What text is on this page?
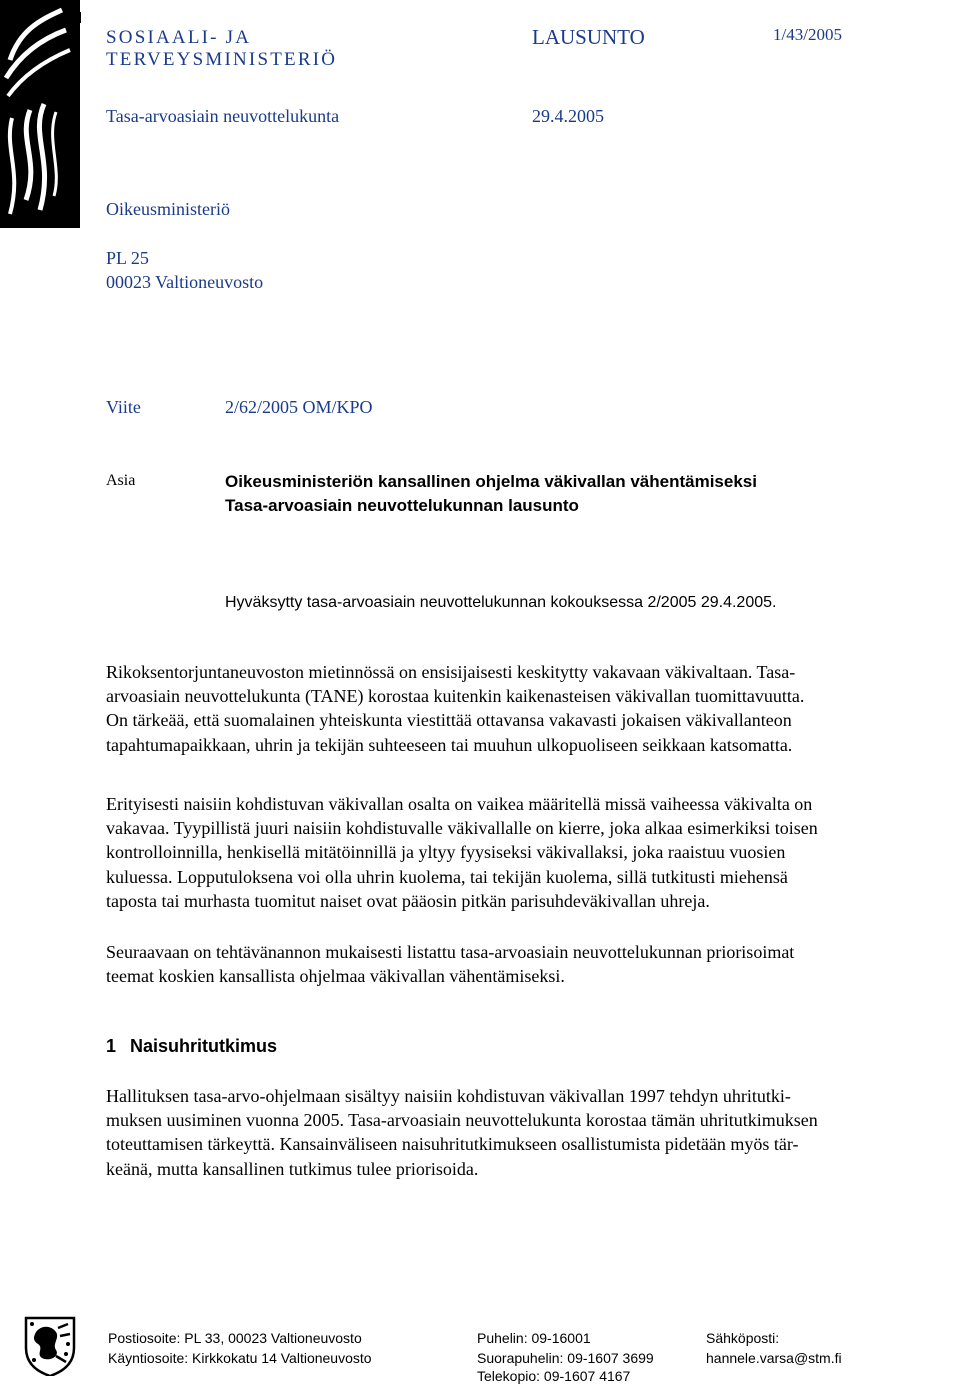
SOSIAALI- JA
TERVEYSMINISTERIÖ
LAUSUNTO	1/43/2005
Tasa-arvoasiain neuvottelukunta	29.4.2005
Oikeusministeriö
PL 25
00023 Valtioneuvosto
Viite	2/62/2005 OM/KPO
Asia	Oikeusministeriön kansallinen ohjelma väkivallan vähentämiseksi
Tasa-arvoasiain neuvottelukunnan lausunto
Hyväksytty tasa-arvoasiain neuvottelukunnan kokouksessa 2/2005 29.4.2005.
Rikoksentorjuntaneuvoston mietinnössä on ensisijaisesti keskitytty vakavaan väkivaltaan. Tasa-
arvoasiain neuvottelukunta (TANE) korostaa kuitenkin kaikenasteisen väkivallan tuomittavuutta.
On tärkeää, että suomalainen yhteiskunta viestittää ottavansa vakavasti jokaisen väkivallanteon
tapahtumapaikkaan, uhrin ja tekijän suhteeseen tai muuhun ulkopuoliseen seikkaan katsomatta.
Erityisesti naisiin kohdistuvan väkivallan osalta on vaikea määritellä missä vaiheessa väkivalta on
vakavaa. Tyypillistä juuri naisiin kohdistuvalle väkivallalle on kierre, joka alkaa esimerkiksi toisen
kontrolloinnilla, henkisellä mitätöinnillä ja yltyy fyysiseksi väkivallaksi, joka raaistuu vuosien
kuluessa. Lopputuloksena voi olla uhrin kuolema, tai tekijän kuolema, sillä tutkitusti miehensä
taposta tai murhasta tuomitut naiset ovat pääosin pitkän parisuhdeväkivallan uhreja.
Seuraavaan on tehtävänannon mukaisesti listattu tasa-arvoasiain neuvottelukunnan priorisoimat
teemat koskien kansallista ohjelmaa väkivallan vähentämiseksi.
1 Naisuhritutkimus
Hallituksen tasa-arvo-ohjelmaan sisältyy naisiin kohdistuvan väkivallan 1997 tehdyn uhritutki-
muksen uusiminen vuonna 2005. Tasa-arvoasiain neuvottelukunta korostaa tämän uhritutkimuksen
toteuttamisen tärkeyttä. Kansainväliseen naisuhritutkimukseen osallistumista pidetään myös tär-
keänä, mutta kansallinen tutkimus tulee priorisoida.
Postiosoite: PL 33, 00023 Valtioneuvosto
Käyntiosoite: Kirkkokatu 14 Valtioneuvosto
Puhelin: 09-16001
Suorapuhelin: 09-1607 3699
Telekopio: 09-1607 4167
Sähköposti:
hannele.varsa@stm.fi
